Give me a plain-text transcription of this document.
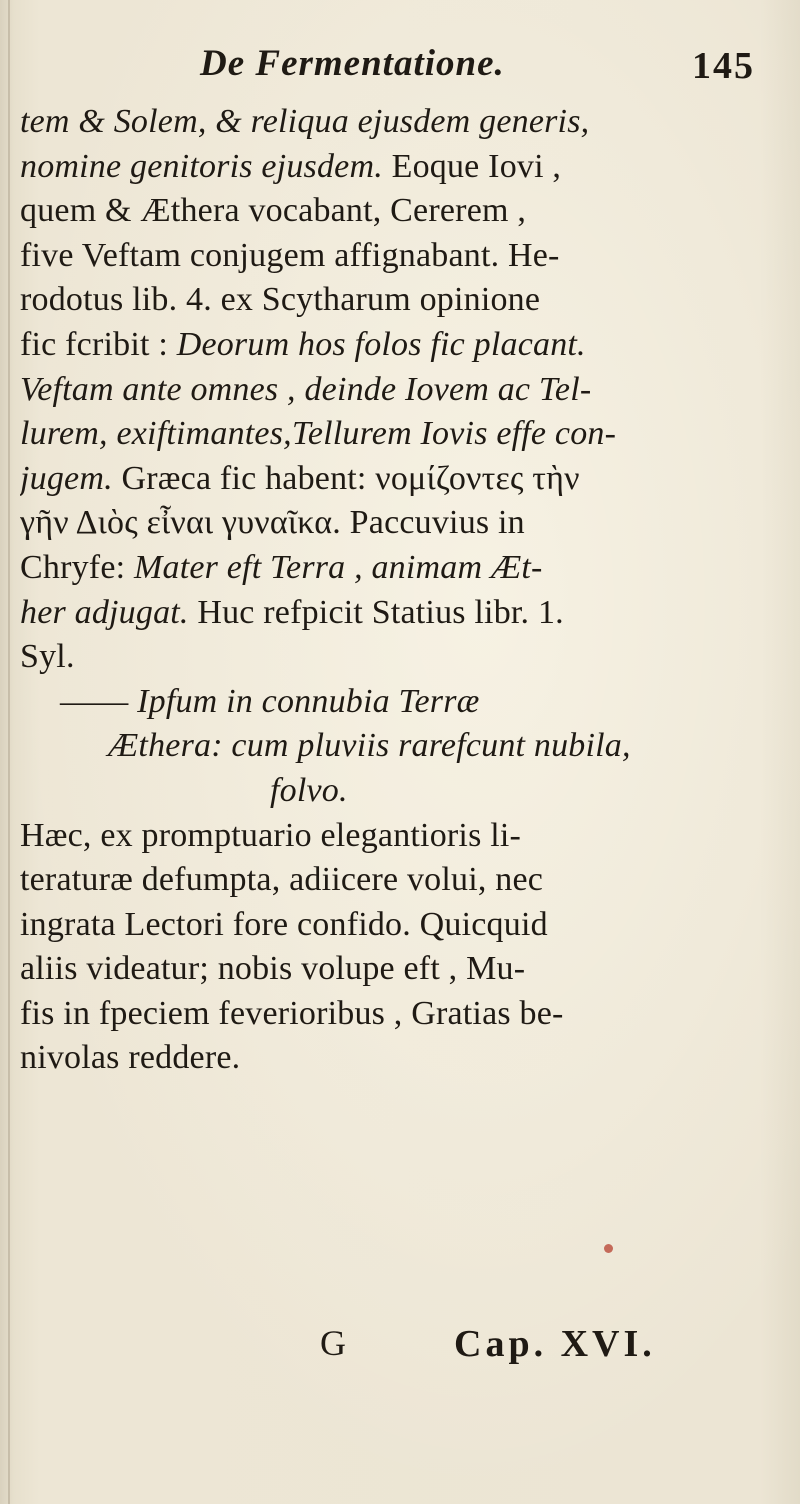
De Fermentatione.	145
tem & Solem, & reliqua ejusdem generis,
nomine genitoris ejusdem. Eoque Iovi ,
quem & Æthera vocabant, Cererem ,
five Veftam conjugem affignabant. He-
rodotus lib. 4. ex Scytharum opinione
fic fcribit : Deorum hos folos fic placant.
Veftam ante omnes , deinde Iovem ac Tel-
lurem, exiftimantes,Tellurem Iovis effe con-
jugem. Græca fic habent: νομίζοντες τὴν
γῆν Διὸς εἶναι γυναῖκα. Paccuvius in
Chryfe: Mater eft Terra , animam Æt-
her adjugat. Huc refpicit Statius libr. 1.
Syl.
—— Ipfum in connubia Terræ
Æthera: cum pluviis rarefcunt nubila,
folvo.
Hæc, ex promptuario elegantioris li-
teraturæ defumpta, adiicere volui, nec
ingrata Lectori fore confido. Quicquid
aliis videatur; nobis volupe eft , Mu-
fis in fpeciem feverioribus , Gratias be-
nivolas reddere.
G	Cap. XVI.
